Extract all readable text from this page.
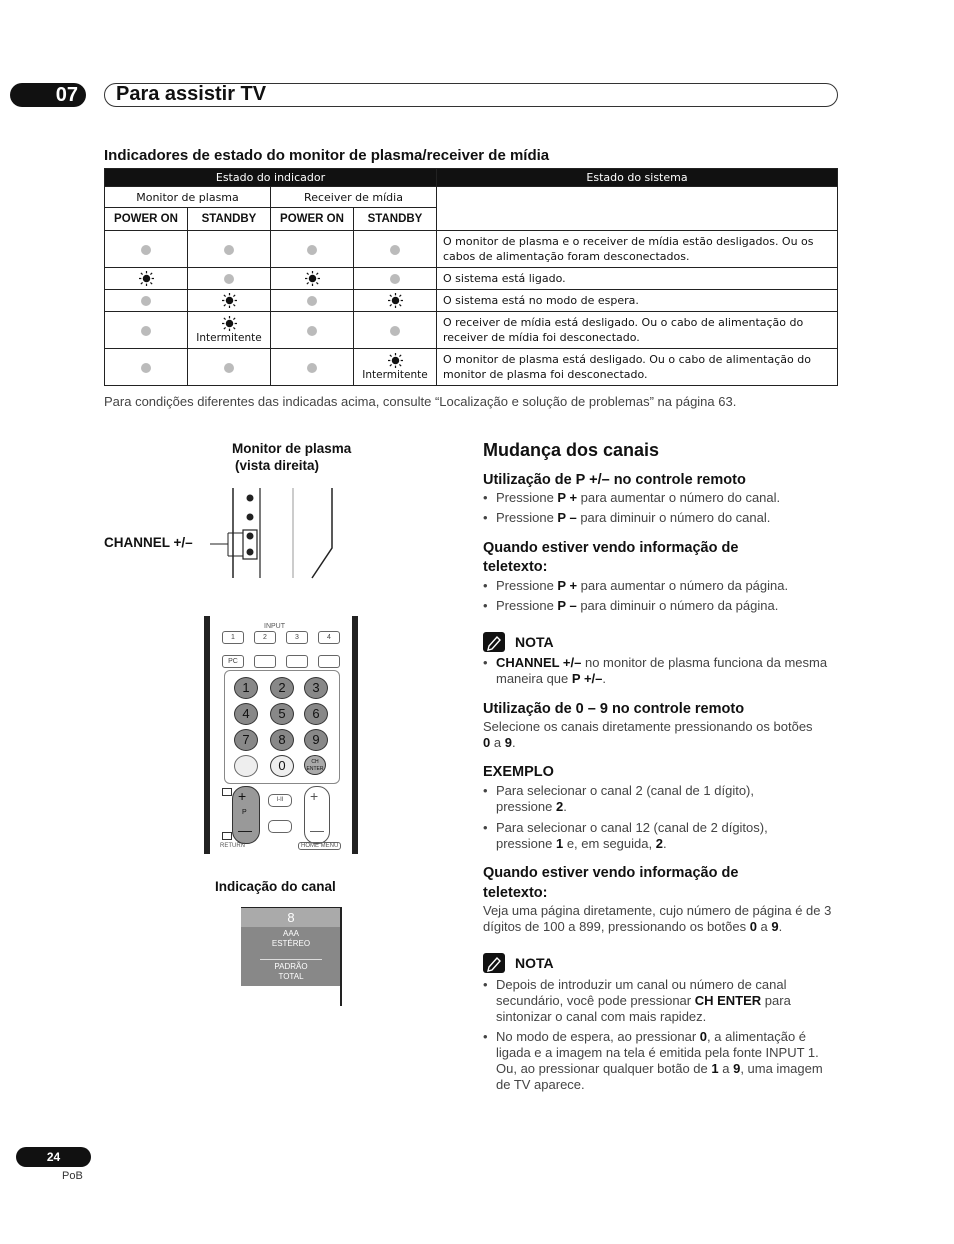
07	Para assistir TV
Indicadores de estado do monitor de plasma/receiver de mídia
Estado do indicador				Estado do sistema

Monitor de plasma		Receiver de mídia		
POWER ON	STANDBY	POWER ON	STANDBY	
				O monitor de plasma e o receiver de mídia estão desligados. Ou os cabos de alimentação foram desconectados.
				O sistema está ligado.
				O sistema está no modo de espera.

	Intermitente			O receiver de mídia está desligado. Ou o cabo de alimentação do receiver de mídia foi desconectado.

			Intermitente	O monitor de plasma está desligado. Ou o cabo de alimentação do monitor de plasma foi desconectado.
Para condições diferentes das indicadas acima, consulte “Localização e solução de problemas” na página 63.
Monitor de plasma
(vista direita)
CHANNEL +/–
INPUT
1	2	3	4
PC
1	2	3
4	5	6
7	8	9
0	CH
ENTER
+
P
—
I-II	+
—
RETURN	HOME MENU
Indicação do canal
8
AAA
ESTÉREO
PADRÃO
TOTAL
Mudança dos canais
Utilização de P +/– no controle remoto
• Pressione P + para aumentar o número do canal.
• Pressione P – para diminuir o número do canal.
Quando estiver vendo informação de
teletexto:
• Pressione P + para aumentar o número da página.
• Pressione P – para diminuir o número da página.
NOTA
• CHANNEL +/– no monitor de plasma funciona da mesma maneira que P +/–.
Utilização de 0 – 9 no controle remoto
Selecione os canais diretamente pressionando os botões 0 a 9.
EXEMPLO
• Para selecionar o canal 2 (canal de 1 dígito), pressione 2.
• Para selecionar o canal 12 (canal de 2 dígitos), pressione 1 e, em seguida, 2.
Quando estiver vendo informação de
teletexto:
Veja uma página diretamente, cujo número de página é de 3 dígitos de 100 a 899, pressionando os botões 0 a 9.
NOTA
• Depois de introduzir um canal ou número de canal secundário, você pode pressionar CH ENTER para sintonizar o canal com mais rapidez.
• No modo de espera, ao pressionar 0, a alimentação é ligada e a imagem na tela é emitida pela fonte INPUT 1. Ou, ao pressionar qualquer botão de 1 a 9, uma imagem de TV aparece.
24
PoB
